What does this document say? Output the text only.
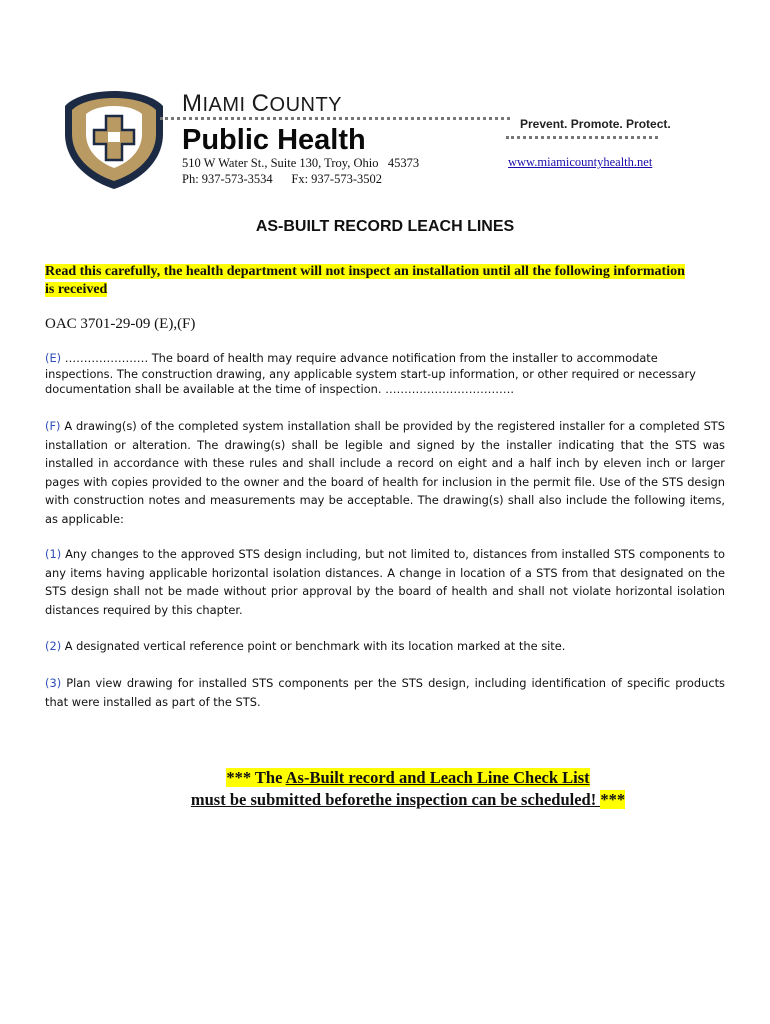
MIAMI COUNTY
Prevent. Promote. Protect.
Public Health
510 W Water St., Suite 130, Troy, Ohio   45373
Ph: 937-573-3534      Fx: 937-573-3502
www.miamicountyhealth.net
AS-BUILT RECORD LEACH LINES
Read this carefully, the health department will not inspect an installation until all the following information is received
OAC 3701-29-09 (E),(F)
(E) …………………. The board of health may require advance notification from the installer to accommodate inspections. The construction drawing, any applicable system start-up information, or other required or necessary documentation shall be available at the time of inspection. …………………………….
(F) A drawing(s) of the completed system installation shall be provided by the registered installer for a completed STS installation or alteration. The drawing(s) shall be legible and signed by the installer indicating that the STS was installed in accordance with these rules and shall include a record on eight and a half inch by eleven inch or larger pages with copies provided to the owner and the board of health for inclusion in the permit file. Use of the STS design with construction notes and measurements may be acceptable. The drawing(s) shall also include the following items, as applicable:
(1) Any changes to the approved STS design including, but not limited to, distances from installed STS components to any items having applicable horizontal isolation distances. A change in location of a STS from that designated on the STS design shall not be made without prior approval by the board of health and shall not violate horizontal isolation distances required by this chapter.
(2) A designated vertical reference point or benchmark with its location marked at the site.
(3) Plan view drawing for installed STS components per the STS design, including identification of specific products that were installed as part of the STS.
*** The As-Built record and Leach Line Check List
must be submitted beforethe inspection can be scheduled! ***
